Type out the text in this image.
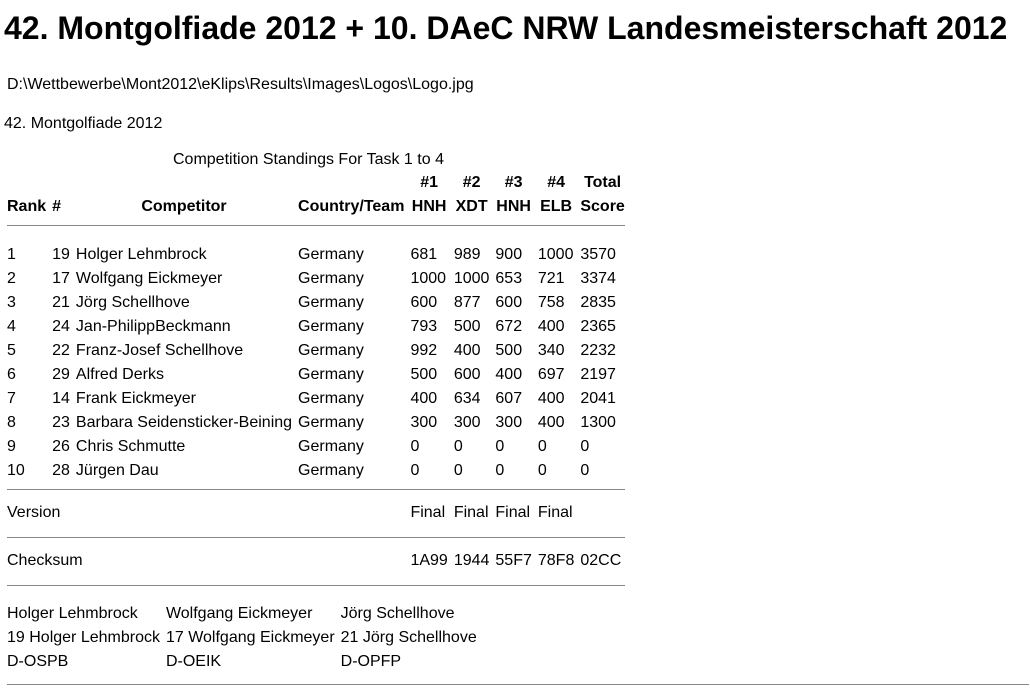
42. Montgolfiade 2012 + 10. DAeC NRW Landesmeisterschaft 2012
D:\Wettbewerbe\Mont2012\eKlips\Results\Images\Logos\Logo.jpg
42. Montgolfiade 2012
Competition Standings For Task 1 to 4
				#1	#2	#3	#4	Total
Rank	#	Competitor	Country/Team	HNH	XDT	HNH	ELB	Score

1	19	Holger Lehmbrock	Germany	681	989	900	1000	3570
2	17	Wolfgang Eickmeyer	Germany	1000	1000	653	721	3374
3	21	Jörg Schellhove	Germany	600	877	600	758	2835
4	24	Jan-PhilippBeckmann	Germany	793	500	672	400	2365
5	22	Franz-Josef Schellhove	Germany	992	400	500	340	2232
6	29	Alfred Derks	Germany	500	600	400	697	2197
7	14	Frank Eickmeyer	Germany	400	634	607	400	2041
8	23	Barbara Seidensticker-Beining	Germany	300	300	300	400	1300
9	26	Chris Schmutte	Germany	0	0	0	0	0
10	28	Jürgen Dau	Germany	0	0	0	0	0

Version				Final	Final	Final	Final	

Checksum				1A99	1944	55F7	78F8	02CC

Holger Lehmbrock	Wolfgang Eickmeyer	Jörg Schellhove
19 Holger Lehmbrock	17 Wolfgang Eickmeyer	21 Jörg Schellhove
D-OSPB	D-OEIK	D-OPFP
